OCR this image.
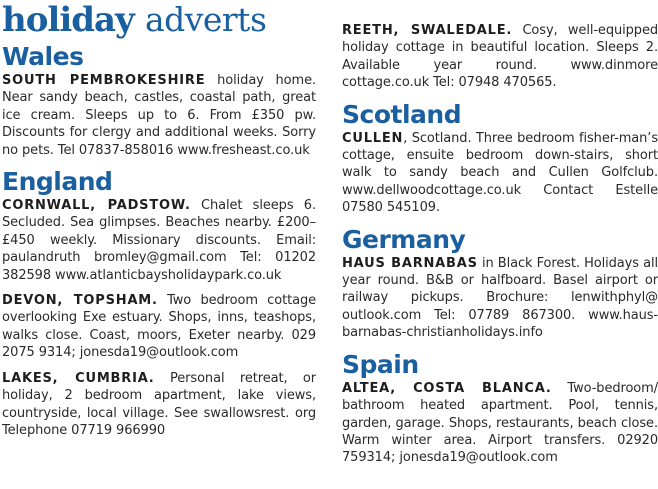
holiday adverts
Wales

SOUTH PEMBROKESHIRE holiday home. Near sandy beach, castles, coastal path, great ice cream. Sleeps up to 6. From £350 pw. Discounts for clergy and additional weeks. Sorry no pets. Tel 07837-858016 www.fresheast.co.uk

England

CORNWALL, PADSTOW. Chalet sleeps 6. Secluded. Sea glimpses. Beaches nearby. £200–£450 weekly. Missionary discounts. Email: paulandruth bromley@gmail.com Tel: 01202 382598 www.atlanticbaysholidaypark.co.uk

DEVON, TOPSHAM. Two bedroom cottage overlooking Exe estuary. Shops, inns, teashops, walks close. Coast, moors, Exeter nearby. 029 2075 9314; jonesda19@outlook.com

LAKES, CUMBRIA. Personal retreat, or holiday, 2 bedroom apartment, lake views, countryside, local village. See swallowsrest. org Telephone 07719 966990

REETH, SWALEDALE. Cosy, well-equipped holiday cottage in beautiful location. Sleeps 2. Available year round. www.dinmore cottage.co.uk Tel: 07948 470565.

Scotland

CULLEN, Scotland. Three bedroom fisher-man’s cottage, ensuite bedroom down-stairs, short walk to sandy beach and Cullen Golfclub. www.dellwoodcottage.co.uk Contact Estelle 07580 545109.

Germany

HAUS BARNABAS in Black Forest. Holidays all year round. B&B or halfboard. Basel airport or railway pickups. Brochure: lenwithphyl@ outlook.com Tel: 07789 867300. www.haus-barnabas-christianholidays.info

Spain

ALTEA, COSTA BLANCA. Two-bedroom/ bathroom heated apartment. Pool, tennis, garden, garage. Shops, restaurants, beach close. Warm winter area. Airport transfers. 02920 759314; jonesda19@outlook.com
